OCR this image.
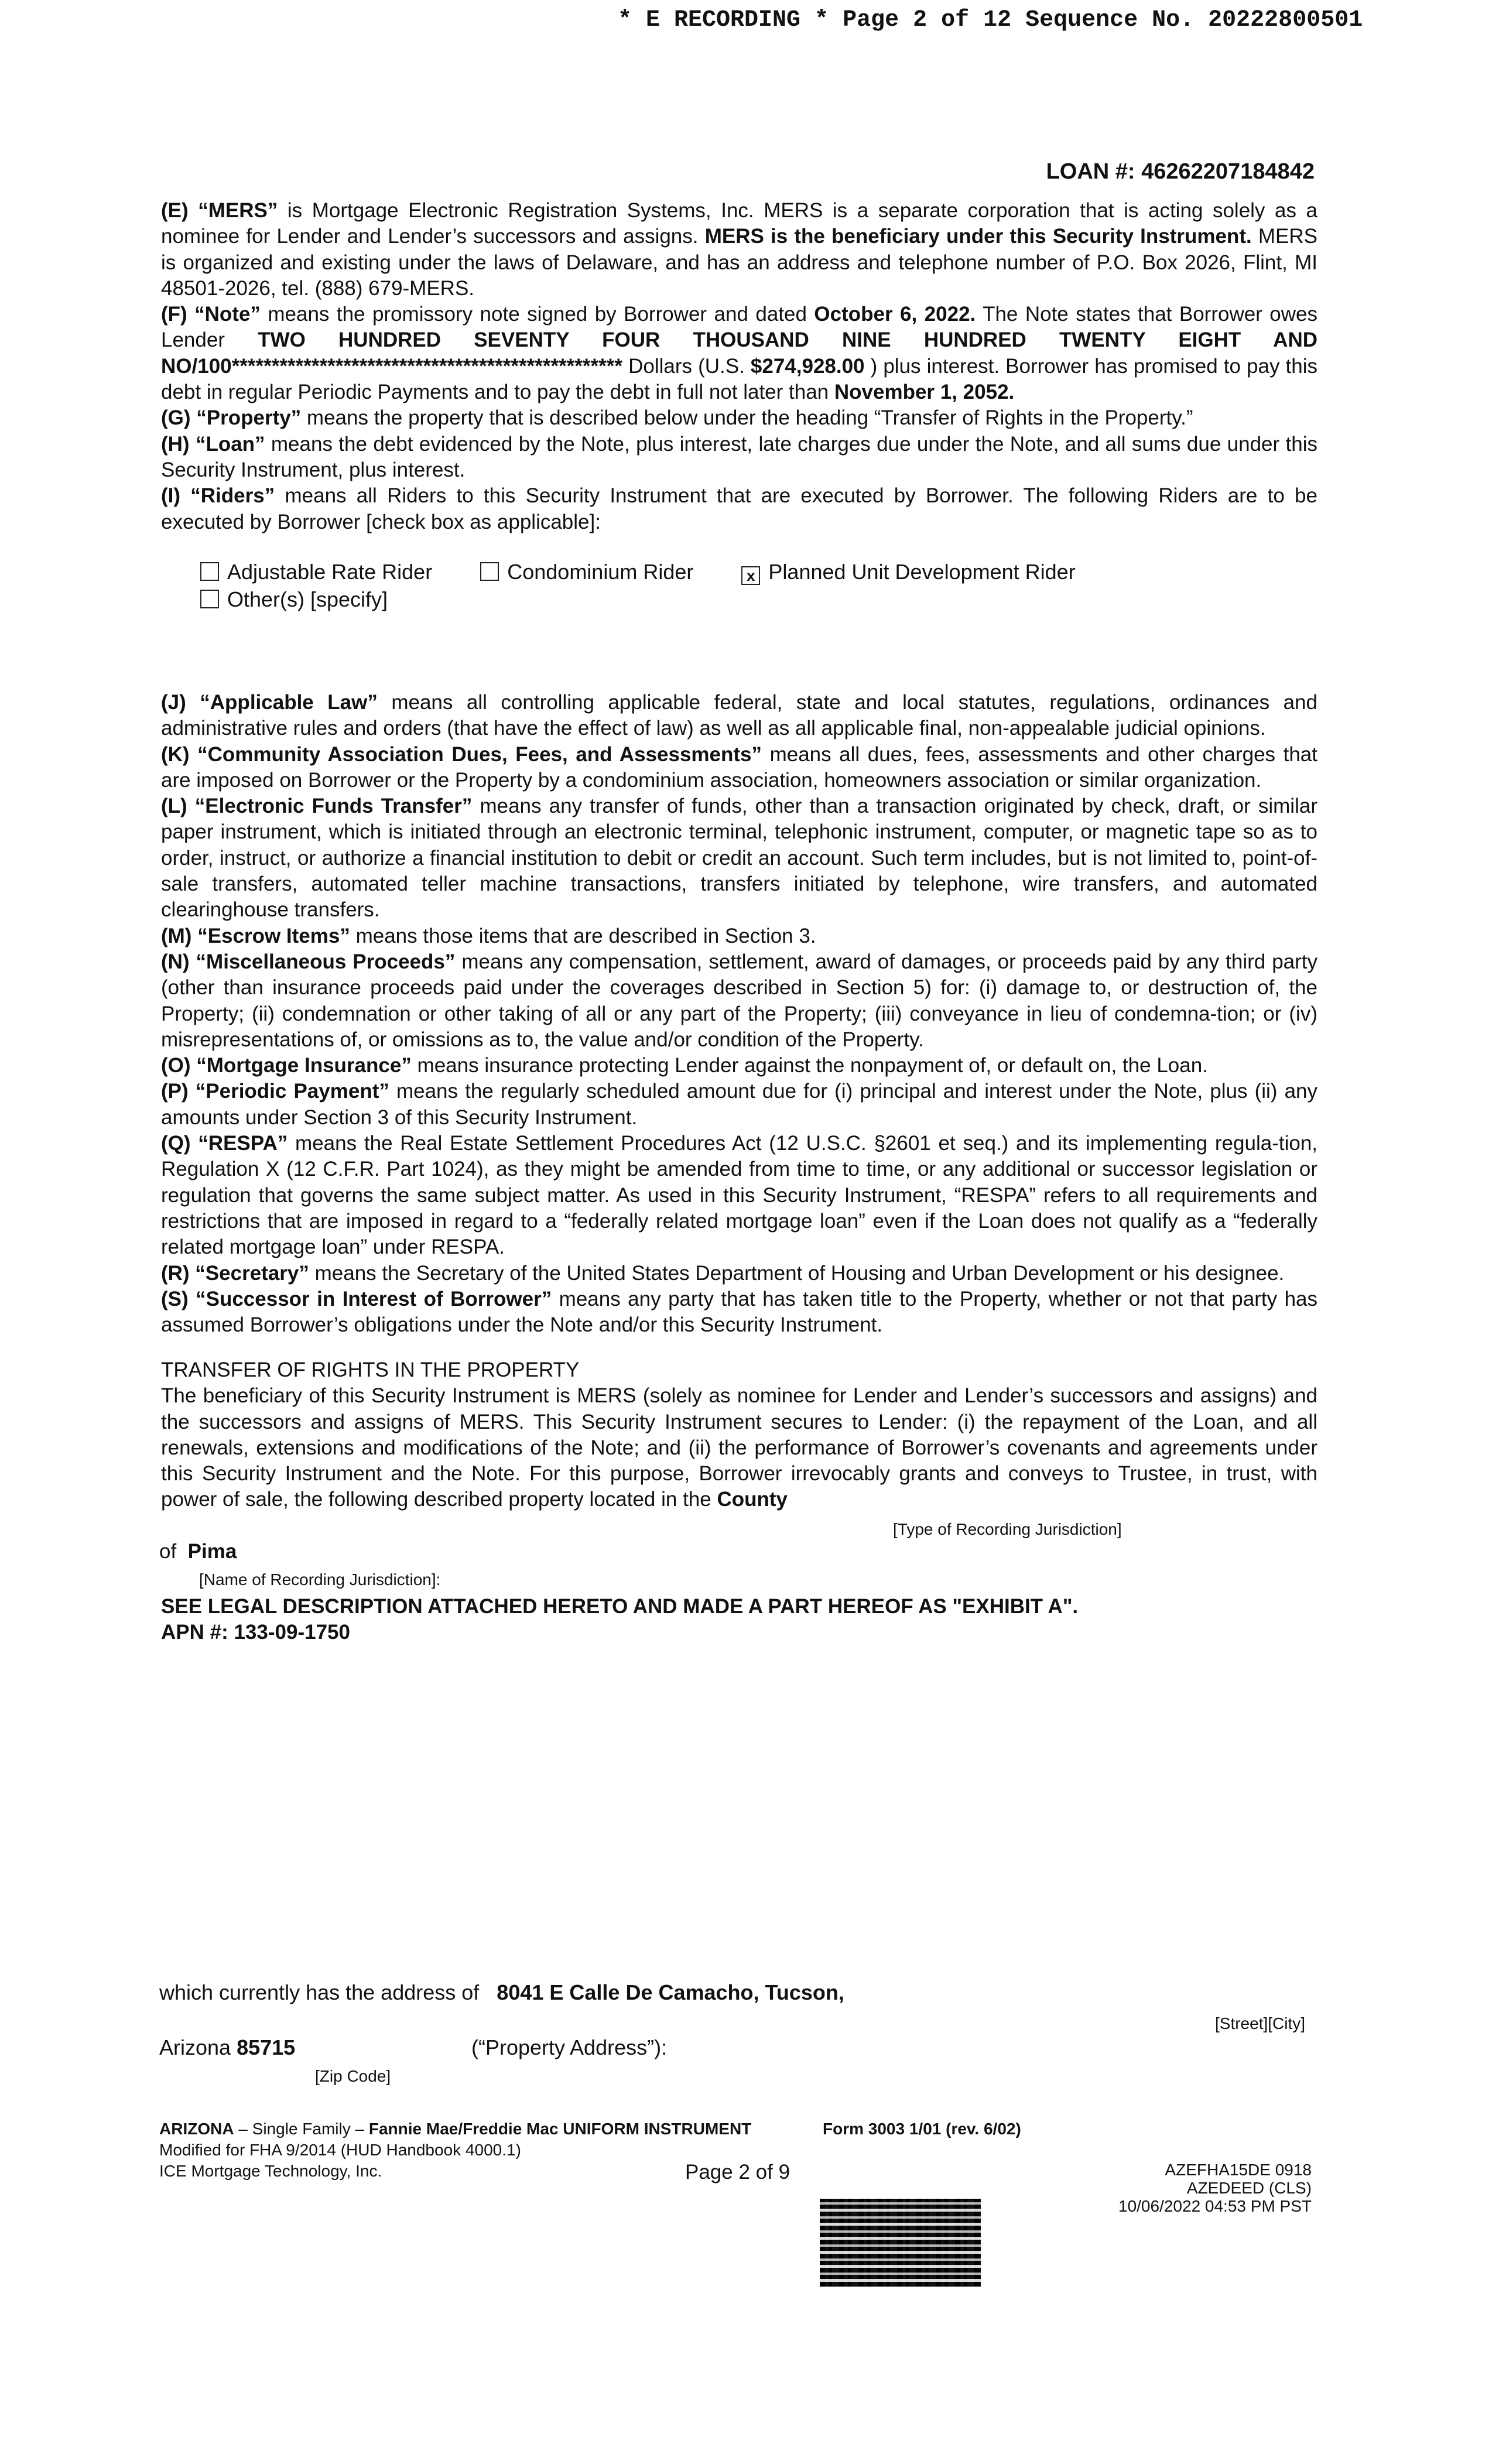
* E RECORDING * Page 2 of 12 Sequence No. 20222800501
LOAN #: 46262207184842

(E) “MERS” is Mortgage Electronic Registration Systems, Inc. MERS is a separate corporation that is acting solely as a nominee for Lender and Lender’s successors and assigns. MERS is the beneficiary under this Security Instrument. MERS is organized and existing under the laws of Delaware, and has an address and telephone number of P.O. Box 2026, Flint, MI 48501-2026, tel. (888) 679-MERS.

(F) “Note” means the promissory note signed by Borrower and dated October 6, 2022. The Note states that Borrower owes Lender TWO HUNDRED SEVENTY FOUR THOUSAND NINE HUNDRED TWENTY EIGHT AND NO/100************************************************* Dollars (U.S. $274,928.00 ) plus interest. Borrower has promised to pay this debt in regular Periodic Payments and to pay the debt in full not later than November 1, 2052.

(G) “Property” means the property that is described below under the heading “Transfer of Rights in the Property.”

(H) “Loan” means the debt evidenced by the Note, plus interest, late charges due under the Note, and all sums due under this Security Instrument, plus interest.

(I) “Riders” means all Riders to this Security Instrument that are executed by Borrower. The following Riders are to be executed by Borrower [check box as applicable]:

Adjustable Rate Rider	Condominium Rider	x Planned Unit Development Rider
Other(s) [specify]

(J) “Applicable Law” means all controlling applicable federal, state and local statutes, regulations, ordinances and administrative rules and orders (that have the effect of law) as well as all applicable final, non-appealable judicial opinions.

(K) “Community Association Dues, Fees, and Assessments” means all dues, fees, assessments and other charges that are imposed on Borrower or the Property by a condominium association, homeowners association or similar organization.

(L) “Electronic Funds Transfer” means any transfer of funds, other than a transaction originated by check, draft, or similar paper instrument, which is initiated through an electronic terminal, telephonic instrument, computer, or magnetic tape so as to order, instruct, or authorize a financial institution to debit or credit an account. Such term includes, but is not limited to, point-of-sale transfers, automated teller machine transactions, transfers initiated by telephone, wire transfers, and automated clearinghouse transfers.

(M) “Escrow Items” means those items that are described in Section 3.

(N) “Miscellaneous Proceeds” means any compensation, settlement, award of damages, or proceeds paid by any third party (other than insurance proceeds paid under the coverages described in Section 5) for: (i) damage to, or destruction of, the Property; (ii) condemnation or other taking of all or any part of the Property; (iii) conveyance in lieu of condemna-tion; or (iv) misrepresentations of, or omissions as to, the value and/or condition of the Property.

(O) “Mortgage Insurance” means insurance protecting Lender against the nonpayment of, or default on, the Loan.

(P) “Periodic Payment” means the regularly scheduled amount due for (i) principal and interest under the Note, plus (ii) any amounts under Section 3 of this Security Instrument.

(Q) “RESPA” means the Real Estate Settlement Procedures Act (12 U.S.C. §2601 et seq.) and its implementing regula-tion, Regulation X (12 C.F.R. Part 1024), as they might be amended from time to time, or any additional or successor legislation or regulation that governs the same subject matter. As used in this Security Instrument, “RESPA” refers to all requirements and restrictions that are imposed in regard to a “federally related mortgage loan” even if the Loan does not qualify as a “federally related mortgage loan” under RESPA.

(R) “Secretary” means the Secretary of the United States Department of Housing and Urban Development or his designee.

(S) “Successor in Interest of Borrower” means any party that has taken title to the Property, whether or not that party has assumed Borrower’s obligations under the Note and/or this Security Instrument.

TRANSFER OF RIGHTS IN THE PROPERTY

The beneficiary of this Security Instrument is MERS (solely as nominee for Lender and Lender’s successors and assigns) and the successors and assigns of MERS. This Security Instrument secures to Lender: (i) the repayment of the Loan, and all renewals, extensions and modifications of the Note; and (ii) the performance of Borrower’s covenants and agreements under this Security Instrument and the Note. For this purpose, Borrower irrevocably grants and conveys to Trustee, in trust, with power of sale, the following described property located in the County

[Type of Recording Jurisdiction]
of Pima
[Name of Recording Jurisdiction]:
SEE LEGAL DESCRIPTION ATTACHED HERETO AND MADE A PART HEREOF AS "EXHIBIT A".
APN #: 133-09-1750
which currently has the address of 8041 E Calle De Camacho, Tucson,
[Street][City]
Arizona 85715	(“Property Address”):
[Zip Code]
ARIZONA – Single Family – Fannie Mae/Freddie Mac UNIFORM INSTRUMENT
Modified for FHA 9/2014 (HUD Handbook 4000.1)
ICE Mortgage Technology, Inc.
Form 3003 1/01 (rev. 6/02)
Page 2 of 9	AZEFHA15DE 0918
AZEDEED (CLS)
10/06/2022 04:53 PM PST
